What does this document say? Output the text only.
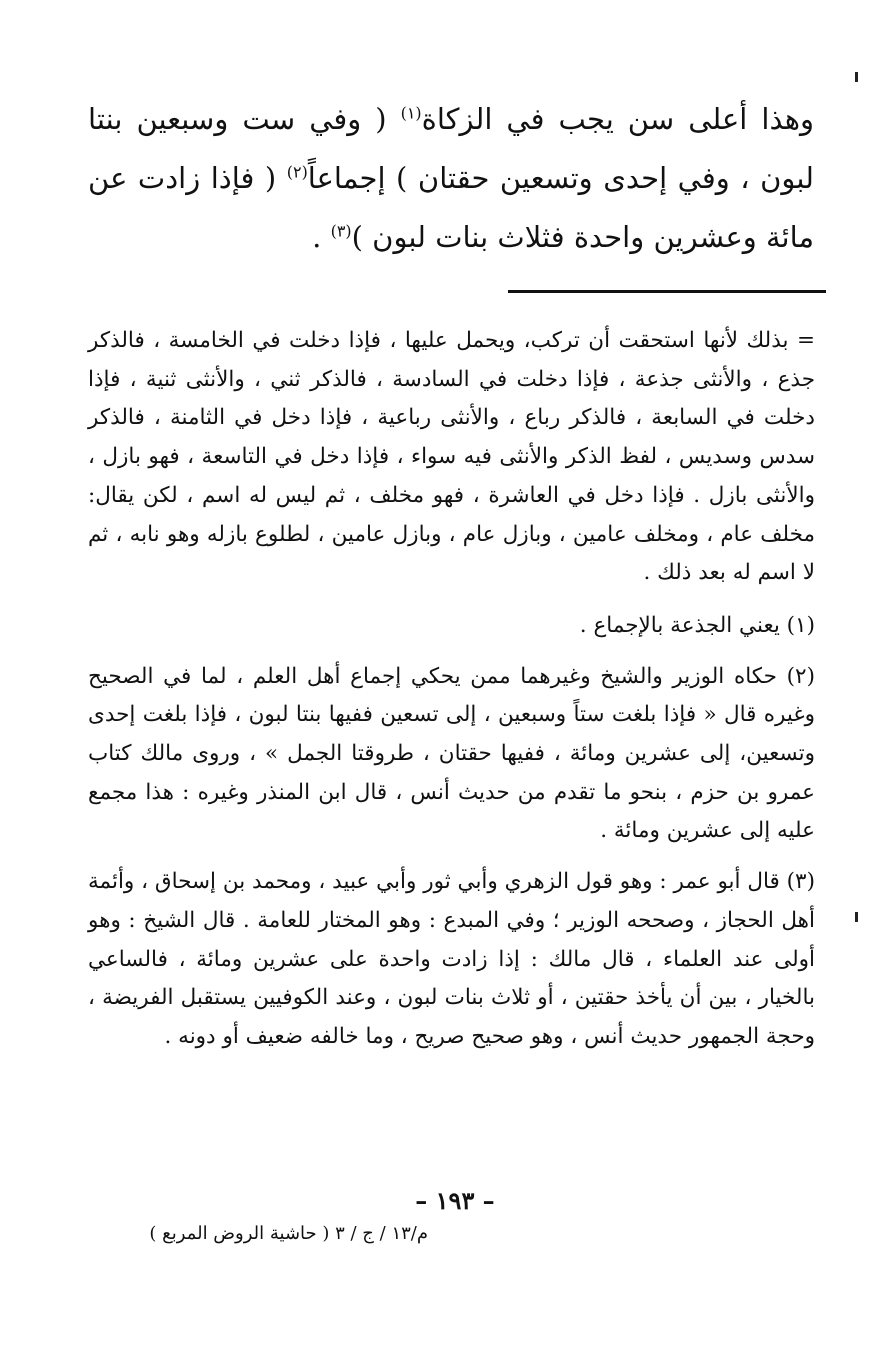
وهذا أعلى سن يجب في الزكاة$^{(١)}$ ( وفي ست وسبعين بنتا لبون ، وفي إحدى وتسعين حقتان ) إجماعاً$^{(٢)}$ ( فإذا زادت عن مائة وعشرين واحدة فثلاث بنات لبون )$^{(٣)}$ .

= بذلك لأنها استحقت أن تركب، ويحمل عليها ، فإذا دخلت في الخامسة ، فالذكر جذع ، والأنثى جذعة ، فإذا دخلت في السادسة ، فالذكر ثني ، والأنثى ثنية ، فإذا دخلت في السابعة ، فالذكر رباع ، والأنثى رباعية ، فإذا دخل في الثامنة ، فالذكر سدس وسديس ، لفظ الذكر والأنثى فيه سواء ، فإذا دخل في التاسعة ، فهو بازل ، والأنثى بازل . فإذا دخل في العاشرة ، فهو مخلف ، ثم ليس له اسم ، لكن يقال: مخلف عام ، ومخلف عامين ، وبازل عام ، وبازل عامين ، لطلوع بازله وهو نابه ، ثم لا اسم له بعد ذلك .

(١) يعني الجذعة بالإجماع .

(٢) حكاه الوزير والشيخ وغيرهما ممن يحكي إجماع أهل العلم ، لما في الصحيح وغيره قال « فإذا بلغت ستاً وسبعين ، إلى تسعين ففيها بنتا لبون ، فإذا بلغت إحدى وتسعين، إلى عشرين ومائة ، ففيها حقتان ، طروقتا الجمل » ، وروى مالك كتاب عمرو بن حزم ، بنحو ما تقدم من حديث أنس ، قال ابن المنذر وغيره : هذا مجمع عليه إلى عشرين ومائة .

(٣) قال أبو عمر : وهو قول الزهري وأبي ثور وأبي عبيد ، ومحمد بن إسحاق ، وأئمة أهل الحجاز ، وصححه الوزير ؛ وفي المبدع : وهو المختار للعامة . قال الشيخ : وهو أولى عند العلماء ، قال مالك : إذا زادت واحدة على عشرين ومائة ، فالساعي بالخيار ، بين أن يأخذ حقتين ، أو ثلاث بنات لبون ، وعند الكوفيين يستقبل الفريضة ، وحجة الجمهور حديث أنس ، وهو صحيح صريح ، وما خالفه ضعيف أو دونه .

– ١٩٣ –
م/١٣ / ج / ٣ ( حاشية الروض المربع )
